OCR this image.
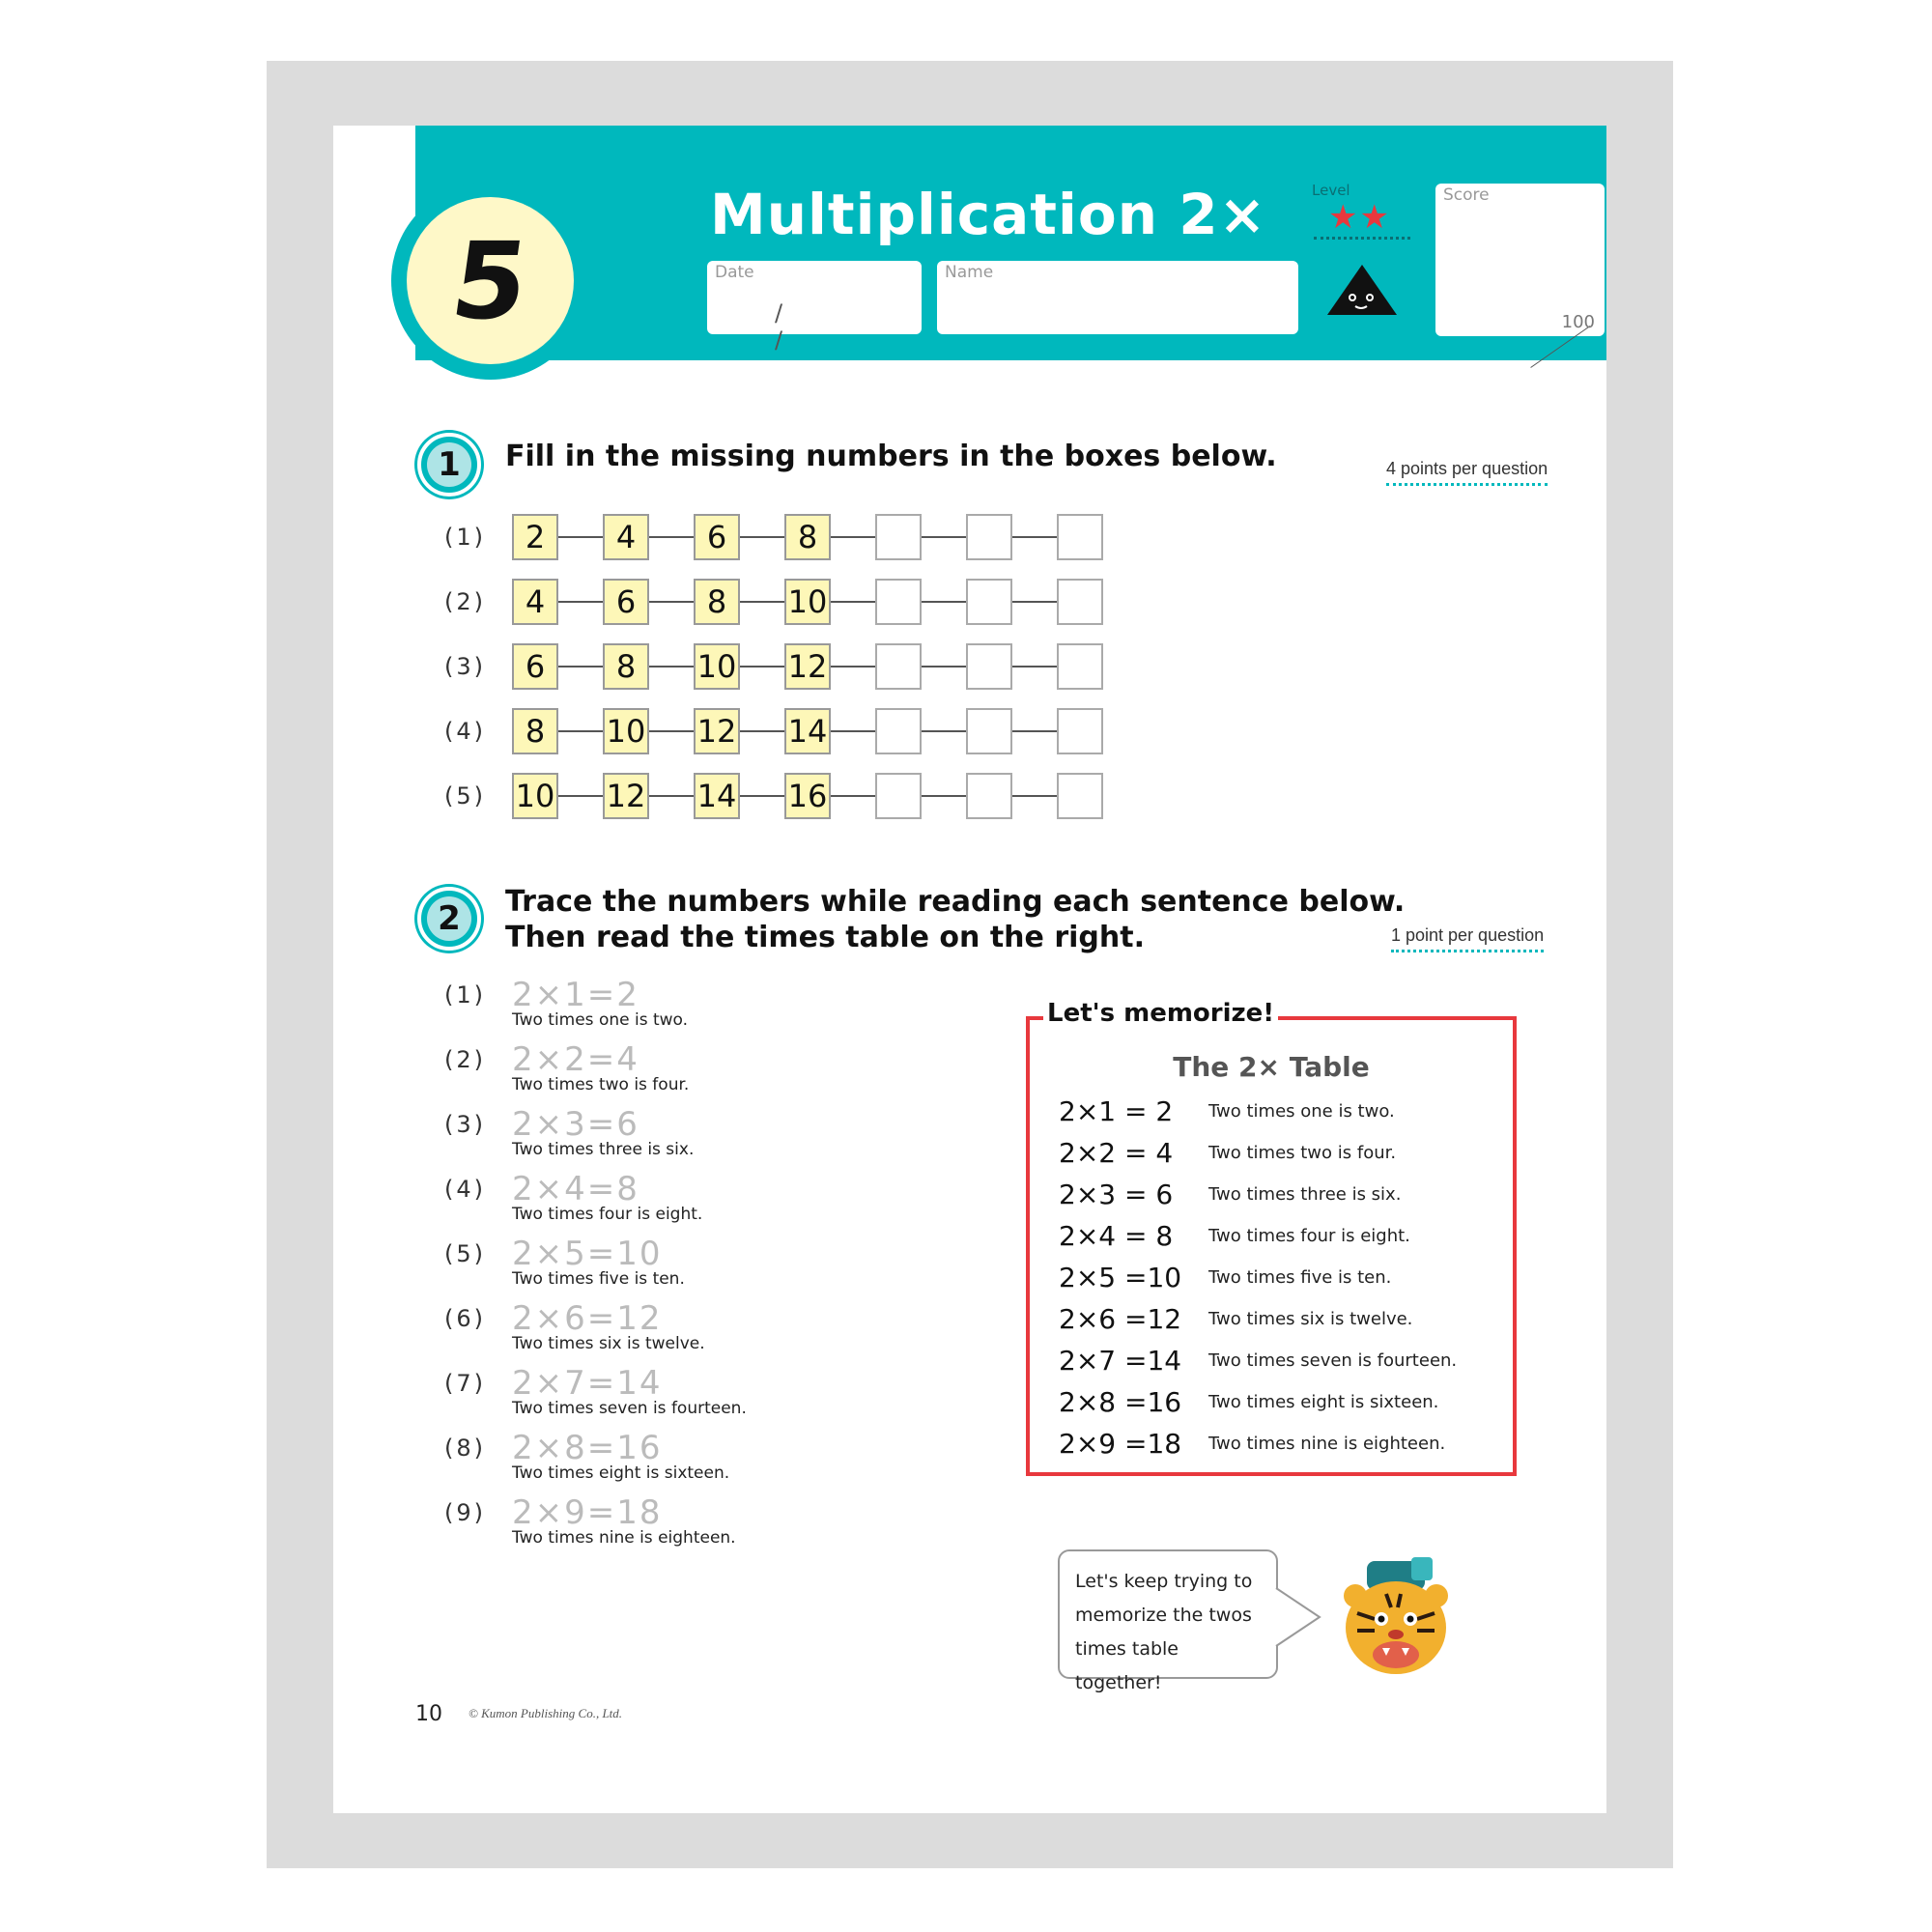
Multiplication 2×
Date
/ /
Name
Level
★★
Score
100
5
1	Fill in the missing numbers in the boxes below.	4 points per question
(1)	2	4	6	8
(2)	4	6	8	10
(3)	6	8	10 12
(4)	8	10 12 14
(5) 10 12 14 16
2	Trace the numbers while reading each sentence below.
Then read the times table on the right.	1 point per question
(1) 2×1=2
Two times one is two.
(2) 2×2=4
Two times two is four.
(3) 2×3=6
Two times three is six.
(4) 2×4=8
Two times four is eight.
(5) 2×5=10
Two times five is ten.
(6) 2×6=12
Two times six is twelve.
(7) 2×7=14
Two times seven is fourteen.
(8) 2×8=16
Two times eight is sixteen.
(9) 2×9=18
Two times nine is eighteen.
Let's memorize!
The 2× Table
2×1 = 2	Two times one is two.
2×2 = 4	Two times two is four.
2×3 = 6	Two times three is six.
2×4 = 8	Two times four is eight.
2×5 =10	Two times five is ten.
2×6 =12	Two times six is twelve.
2×7 =14	Two times seven is fourteen.
2×8 =16	Two times eight is sixteen.
2×9 =18	Two times nine is eighteen.
Let's keep trying to
memorize the twos
times table together!
10 © Kumon Publishing Co., Ltd.
